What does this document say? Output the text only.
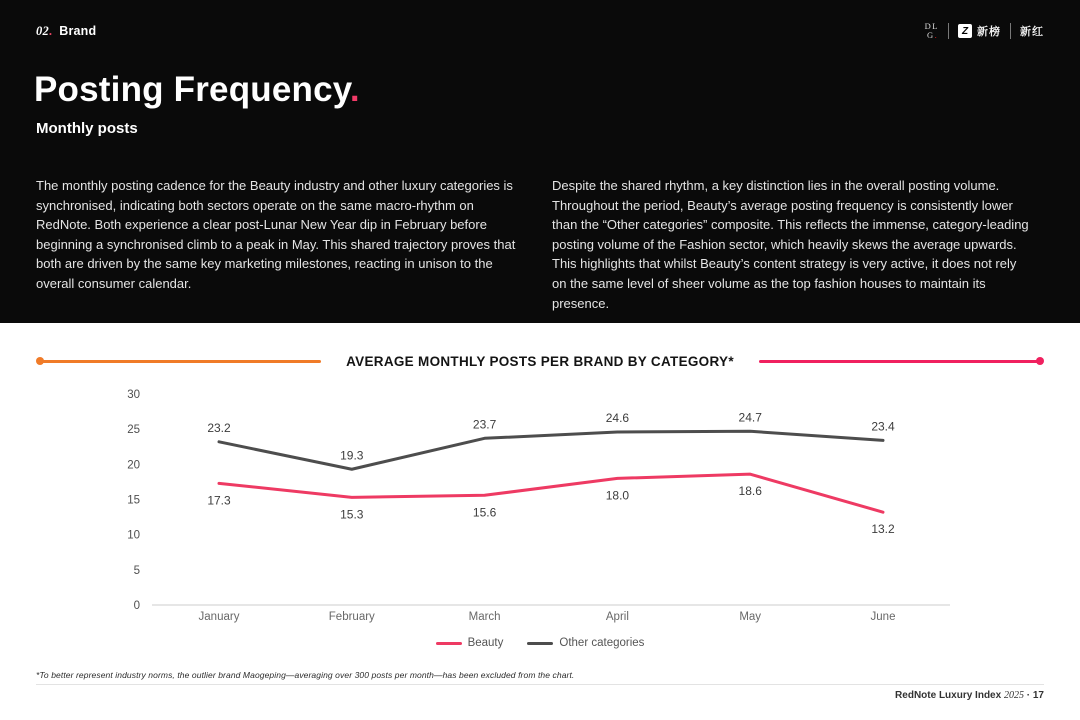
02. Brand	DL
G.	Z 新榜 新红
Posting Frequency.
Monthly posts
The monthly posting cadence for the Beauty industry and other luxury categories is synchronised, indicating both sectors operate on the same macro-rhythm on RedNote. Both experience a clear post-Lunar New Year dip in February before beginning a synchronised climb to a peak in May. This shared trajectory proves that both are driven by the same key marketing milestones, reacting in unison to the overall consumer calendar.
Despite the shared rhythm, a key distinction lies in the overall posting volume. Throughout the period, Beauty’s average posting frequency is consistently lower than the “Other categories” composite. This reflects the immense, category-leading posting volume of the Fashion sector, which heavily skews the average upwards. This highlights that whilst Beauty’s content strategy is very active, it does not rely on the same level of sheer volume as the top fashion houses to maintain its presence.
AVERAGE MONTHLY POSTS PER BRAND BY CATEGORY*
0
5
10
15
20
25
30
January	February	March	April	May	June
17.3
15.3	15.6
18.0	18.6
13.2
23.2
19.3
23.7	24.6	24.7
23.4
Beauty	Other categories
*To better represent industry norms, the outlier brand Maogeping—averaging over 300 posts per month—has been excluded from the chart.
RedNote Luxury Index 2025 · 17
